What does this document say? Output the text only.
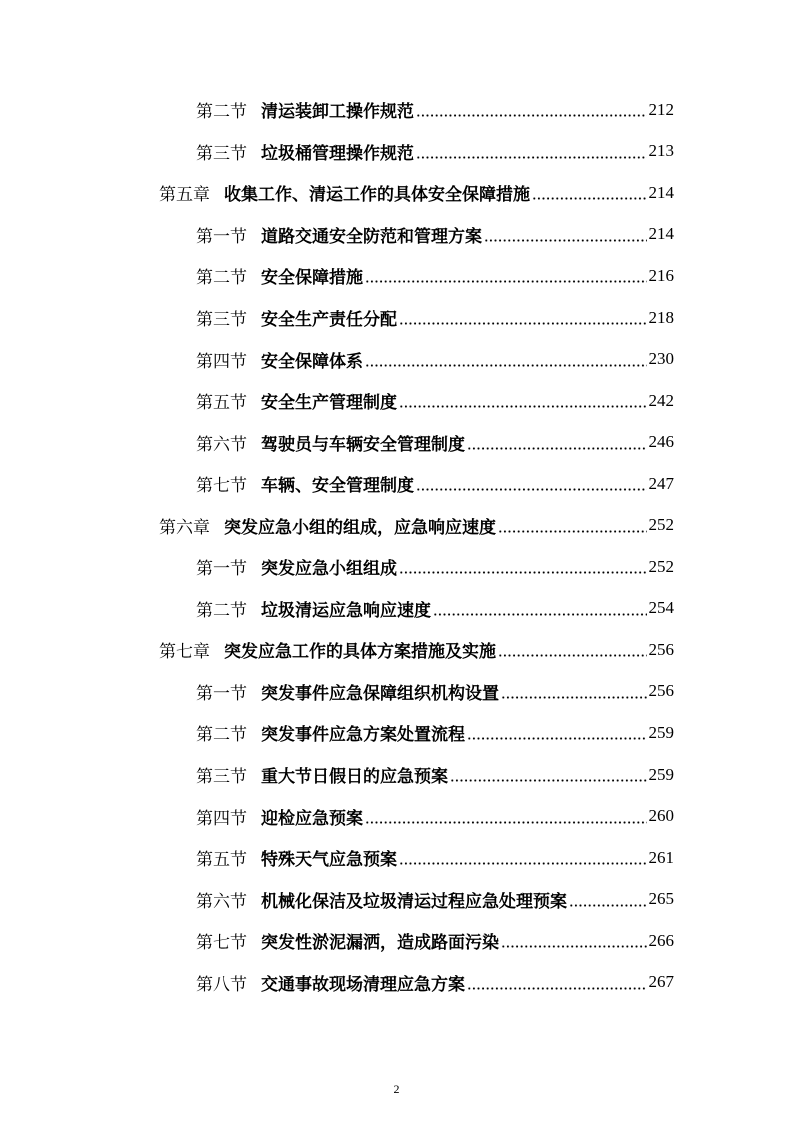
第二节 清运装卸工操作规范	212
第三节 垃圾桶管理操作规范	213
第五章 收集工作、清运工作的具体安全保障措施	214
第一节 道路交通安全防范和管理方案	214
第二节 安全保障措施	216
第三节 安全生产责任分配	218
第四节 安全保障体系	230
第五节 安全生产管理制度	242
第六节 驾驶员与车辆安全管理制度	246
第七节 车辆、安全管理制度	247
第六章 突发应急小组的组成，应急响应速度	252
第一节 突发应急小组组成	252
第二节 垃圾清运应急响应速度	254
第七章 突发应急工作的具体方案措施及实施	256
第一节 突发事件应急保障组织机构设置	256
第二节 突发事件应急方案处置流程	259
第三节 重大节日假日的应急预案	259
第四节 迎检应急预案	260
第五节 特殊天气应急预案	261
第六节 机械化保洁及垃圾清运过程应急处理预案	265
第七节 突发性淤泥漏洒，造成路面污染	266
第八节 交通事故现场清理应急方案	267
2
